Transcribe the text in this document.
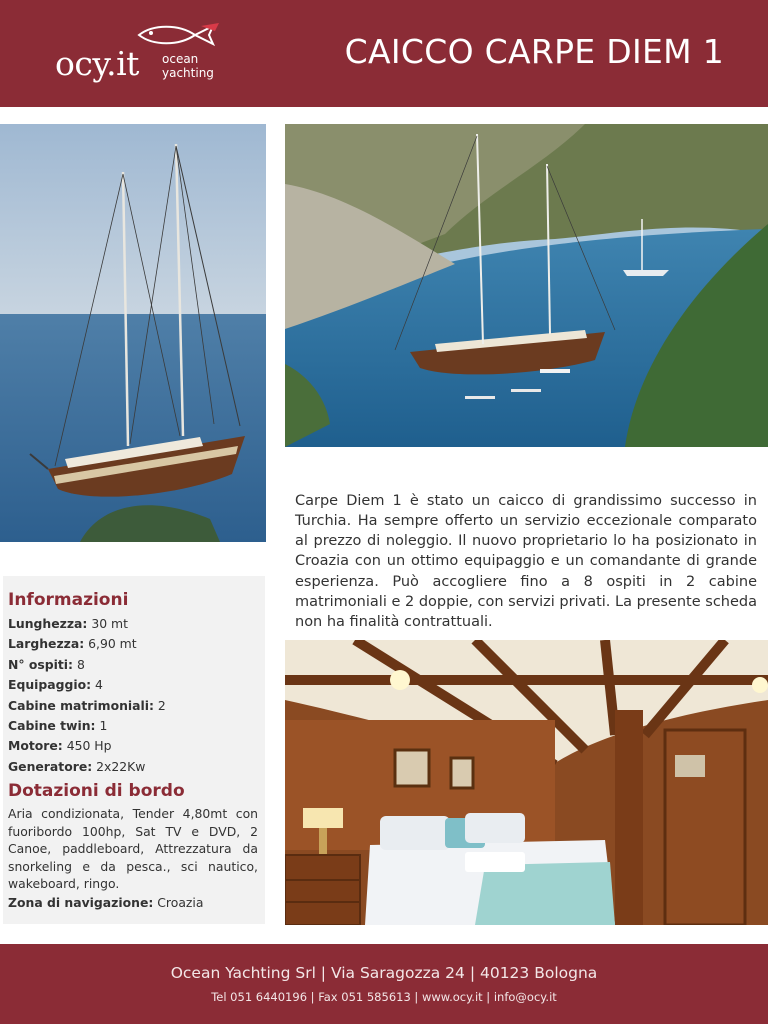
ocy.it ocean
yachting
CAICCO CARPE DIEM 1

Carpe Diem 1 è stato un caicco di grandissimo successo in Turchia. Ha sempre offerto un servizio eccezionale comparato al prezzo di noleggio. Il nuovo proprietario lo ha posizionato in Croazia con un ottimo equipaggio e un comandante di grande esperienza. Può accogliere fino a 8 ospiti in 2 cabine matrimoniali e 2 doppie, con servizi privati. La presente scheda non ha finalità contrattuali.

Informazioni
Lunghezza: 30 mt
Larghezza: 6,90 mt
N° ospiti: 8
Equipaggio: 4
Cabine matrimoniali: 2
Cabine twin: 1
Motore: 450 Hp
Generatore: 2x22Kw
Dotazioni di bordo
Aria condizionata, Tender 4,80mt con fuoribordo 100hp, Sat TV e DVD, 2 Canoe, paddleboard, Attrezzatura da snorkeling e da pesca., sci nautico, wakeboard, ringo.
Zona di navigazione: Croazia
Ocean Yachting Srl | Via Saragozza 24 | 40123 Bologna
Tel 051 6440196 | Fax 051 585613 | www.ocy.it | info@ocy.it
